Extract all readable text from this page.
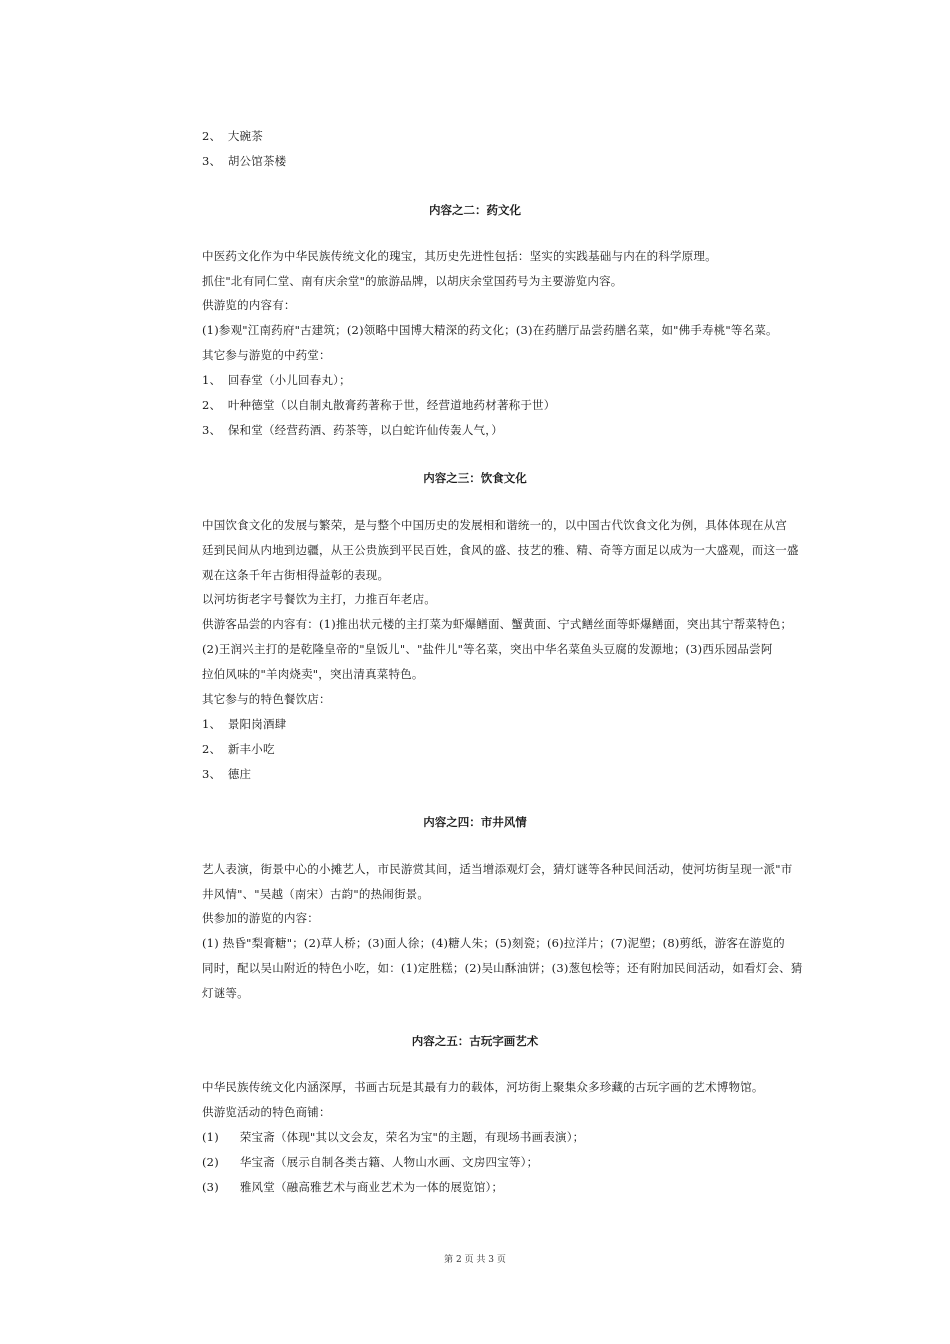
2、 大碗茶
3、 胡公馆茶楼
内容之二：药文化
中医药文化作为中华民族传统文化的瑰宝，其历史先进性包括：坚实的实践基础与内在的科学原理。
抓住"北有同仁堂、南有庆余堂"的旅游品牌，以胡庆余堂国药号为主要游览内容。
供游览的内容有：
(1)参观"江南药府"古建筑；(2)领略中国博大精深的药文化；(3)在药膳厅品尝药膳名菜，如"佛手寿桃"等名菜。
其它参与游览的中药堂：
1、 回春堂（小儿回春丸）；
2、 叶种德堂（以自制丸散膏药著称于世，经营道地药材著称于世）
3、 保和堂（经营药酒、药茶等，以白蛇许仙传轰人气，）
内容之三：饮食文化
中国饮食文化的发展与繁荣，是与整个中国历史的发展相和谐统一的，以中国古代饮食文化为例，具体体现在从宫
廷到民间从内地到边疆，从王公贵族到平民百姓，食风的盛、技艺的雅、精、奇等方面足以成为一大盛观，而这一盛
观在这条千年古街相得益彰的表现。
以河坊街老字号餐饮为主打，力推百年老店。
供游客品尝的内容有：(1)推出状元楼的主打菜为虾爆鳝面、蟹黄面、宁式鳝丝面等虾爆鳝面，突出其宁帮菜特色；
(2)王润兴主打的是乾隆皇帝的"皇饭儿"、"盐件儿"等名菜，突出中华名菜鱼头豆腐的发源地；(3)西乐园品尝阿
拉伯风味的"羊肉烧卖"，突出清真菜特色。
其它参与的特色餐饮店：
1、 景阳岗酒肆
2、 新丰小吃
3、 德庄
内容之四：市井风情
艺人表演，街景中心的小摊艺人，市民游赏其间，适当增添观灯会，猜灯谜等各种民间活动，使河坊街呈现一派"市
井风情"、"吴越（南宋）古韵"的热闹街景。
供参加的游览的内容：
(1) 热昏"梨膏糖"；(2)草人桥；(3)面人徐；(4)糖人朱；(5)刻瓷；(6)拉洋片；(7)泥塑；(8)剪纸，游客在游览的
同时，配以吴山附近的特色小吃，如：(1)定胜糕；(2)吴山酥油饼；(3)葱包桧等；还有附加民间活动，如看灯会、猜
灯谜等。
内容之五：古玩字画艺术
中华民族传统文化内涵深厚，书画古玩是其最有力的载体，河坊街上聚集众多珍藏的古玩字画的艺术博物馆。
供游览活动的特色商铺：
(1) 荣宝斋（体现"其以文会友，荣名为宝"的主题，有现场书画表演）；
(2) 华宝斋（展示自制各类古籍、人物山水画、文房四宝等）；
(3) 雅风堂（融高雅艺术与商业艺术为一体的展览馆）；
第 2 页 共 3 页
